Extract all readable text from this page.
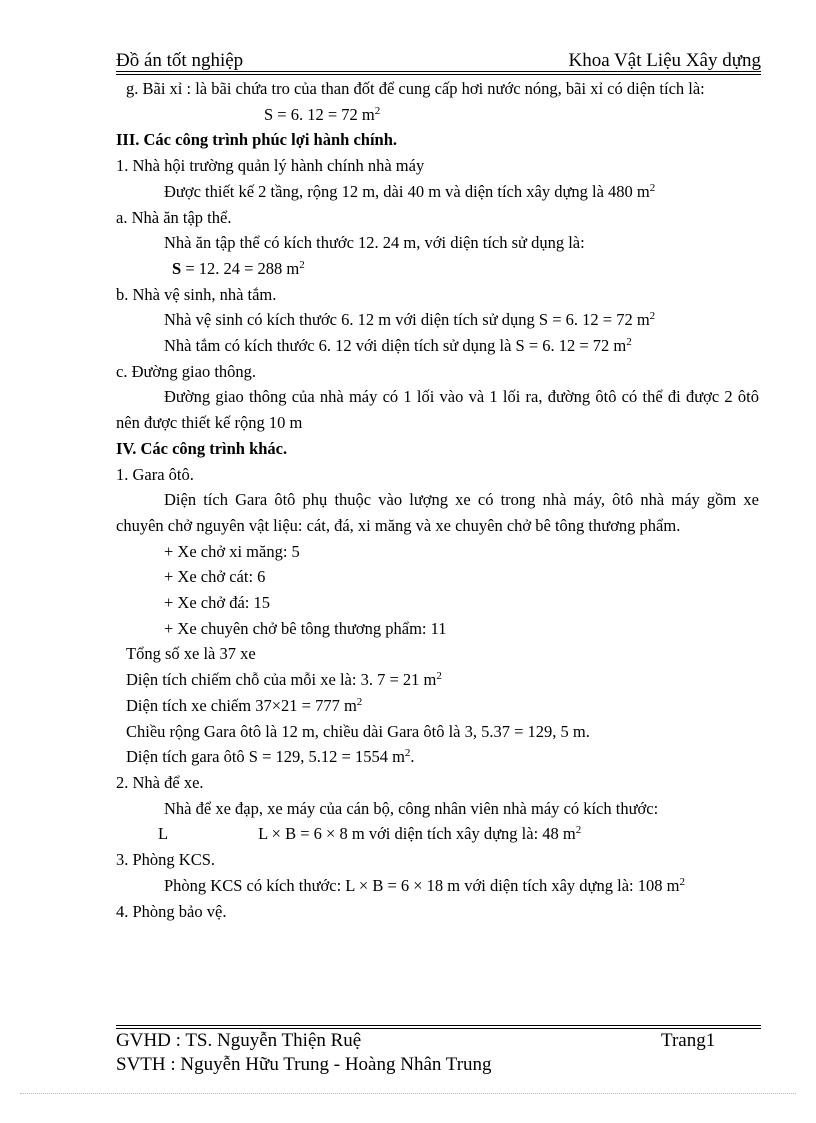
Đồ án tốt nghiệp	Khoa Vật Liệu Xây dựng

g. Bãi xỉ : là bãi chứa tro của than đốt để cung cấp hơi nước nóng, bãi xỉ có diện tích là:

S = 6. 12 = 72 $m^2$

III. Các công trình phúc lợi hành chính.

1. Nhà hội trường quản lý hành chính nhà máy

Được thiết kế 2 tầng, rộng 12 m, dài 40 m và diện tích xây dựng là 480 $m^2$

a. Nhà ăn tập thể.

Nhà ăn tập thể có kích thước 12. 24 m, với diện tích sử dụng là:

S = 12. 24 = 288 $m^2$

b. Nhà vệ sinh, nhà tắm.

Nhà vệ sinh có kích thước 6. 12 m với diện tích sử dụng S = 6. 12 = 72 $m^2$

Nhà tắm có kích thước 6. 12 với diện tích sử dụng là S = 6. 12 = 72 $m^2$

c. Đường giao thông.

Đường giao thông của nhà máy có 1 lối vào và 1 lối ra, đường ôtô có thể đi được 2 ôtô nên được thiết kế rộng 10 m

IV. Các công trình khác.

1. Gara ôtô.

Diện tích Gara ôtô phụ thuộc vào lượng xe có trong nhà máy, ôtô nhà máy gồm xe chuyên chở nguyên vật liệu: cát, đá, xi măng và xe chuyên chở bê tông thương phẩm.

+ Xe chở xi măng: 5

+ Xe chở cát: 6

+ Xe chở đá: 15

+ Xe chuyên chở bê tông thương phẩm: 11

Tổng số xe là 37 xe

Diện tích chiếm chỗ của mỗi xe là: 3. 7 = 21 $m^2$

Diện tích xe chiếm 37×21 = 777 $m^2$

Chiều rộng Gara ôtô là 12 m, chiều dài Gara ôtô là 3, 5.37 = 129, 5 m.

Diện tích gara ôtô S = 129, 5.12 = 1554 $m^2$.

2. Nhà để xe.

Nhà để xe đạp, xe máy của cán bộ, công nhân viên nhà máy có kích thước:

L	L × B = 6 × 8 m với diện tích xây dựng là: 48 $m^2$

3. Phòng KCS.

Phòng KCS có kích thước: L × B = 6 × 18 m với diện tích xây dựng là: 108 $m^2$

4. Phòng bảo vệ.

GVHD : TS. Nguyễn Thiện Ruệ	Trang1
SVTH : Nguyễn Hữu Trung - Hoàng Nhân Trung
